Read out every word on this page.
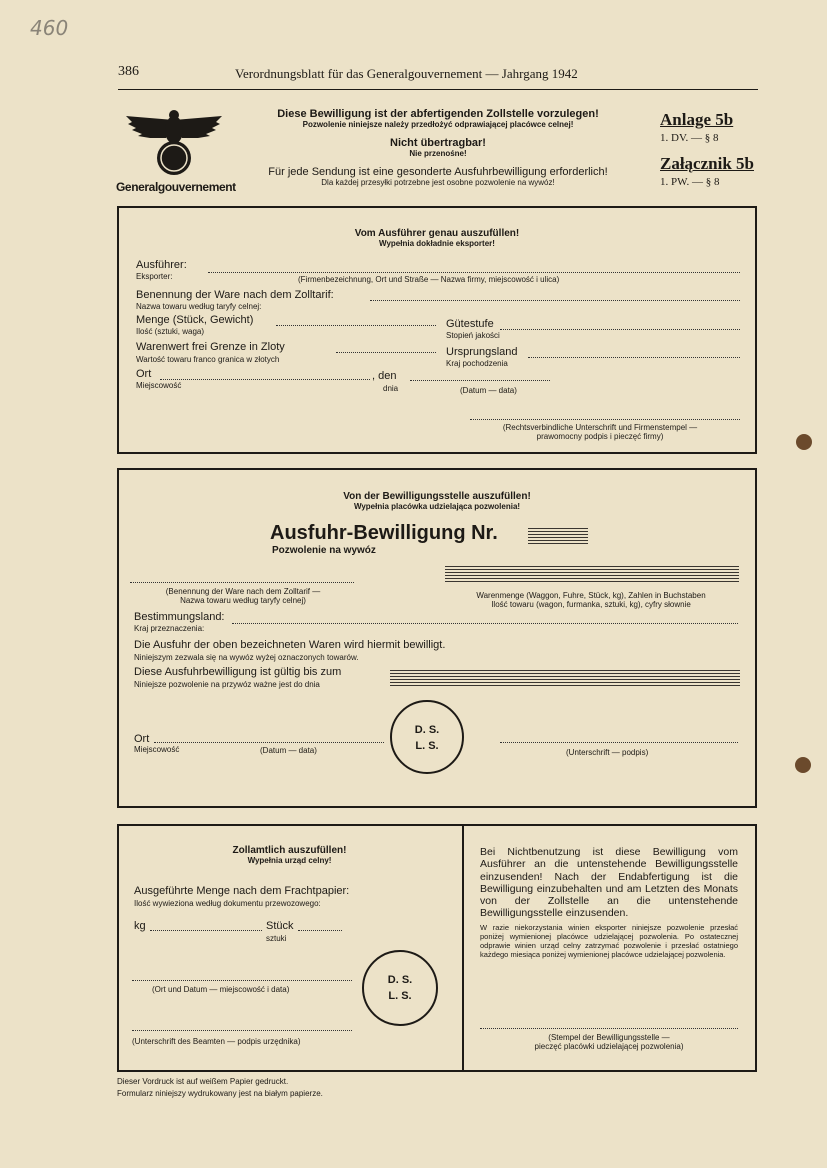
460
386	Verordnungsblatt für das Generalgouvernement — Jahrgang 1942
Generalgouvernement
Diese Bewilligung ist der abfertigenden Zollstelle vorzulegen!
Pozwolenie niniejsze należy przedłożyć odprawiającej placówce celnej!
Nicht übertragbar!
Nie przenośne!
Für jede Sendung ist eine gesonderte Ausfuhrbewilligung erforderlich!
Dla każdej przesyłki potrzebne jest osobne pozwolenie na wywóz!
Anlage 5b
1. DV. — § 8
Załącznik 5b
1. PW. — § 8
Vom Ausführer genau auszufüllen!
Wypełnia dokładnie eksporter!
Ausführer:
Eksporter:	(Firmenbezeichnung, Ort und Straße — Nazwa firmy, miejscowość i ulica)
Benennung der Ware nach dem Zolltarif:
Nazwa towaru według taryfy celnej:
Menge (Stück, Gewicht)
Ilość (sztuki, waga)
Gütestufe
Stopień jakości
Warenwert frei Grenze in Zloty
Wartość towaru franco granica w złotych
Ursprungsland
Kraj pochodzenia
Ort
Miejscowość
, den
dnia	(Datum — data)
(Rechtsverbindliche Unterschrift und Firmenstempel —
prawomocny podpis i pieczęć firmy)
Von der Bewilligungsstelle auszufüllen!
Wypełnia placówka udzielająca pozwolenia!
Ausfuhr-Bewilligung Nr.
Pozwolenie na wywóz
(Benennung der Ware nach dem Zolltarif —
Nazwa towaru według taryfy celnej)
Warenmenge (Waggon, Fuhre, Stück, kg), Zahlen in Buchstaben
Ilość towaru (wagon, furmanka, sztuki, kg), cyfry słownie
Bestimmungsland:
Kraj przeznaczenia:
Die Ausfuhr der oben bezeichneten Waren wird hiermit bewilligt.
Niniejszym zezwala się na wywóz wyżej oznaczonych towarów.
Diese Ausfuhrbewilligung ist gültig bis zum
Niniejsze pozwolenie na przywóz ważne jest do dnia
Ort
Miejscowość	(Datum — data)
D. S.
L. S.
(Unterschrift — podpis)
Zollamtlich auszufüllen!
Wypełnia urząd celny!
Ausgeführte Menge nach dem Frachtpapier:
Ilość wywieziona według dokumentu przewozowego:
kg	Stück
sztuki
(Ort und Datum — miejscowość i data)
(Unterschrift des Beamten — podpis urzędnika)
D. S.
L. S.
Bei Nichtbenutzung ist diese Bewilligung vom Ausführer an die untenstehende Bewilligungsstelle einzusenden! Nach der Endabfertigung ist die Bewilligung einzubehalten und am Letzten des Monats von der Zollstelle an die untenstehende Bewilligungsstelle einzusenden.
W razie niekorzystania winien eksporter niniejsze pozwolenie przesłać poniżej wymienionej placówce udzielającej pozwolenia. Po ostatecznej odprawie winien urząd celny zatrzymać pozwolenie i przesłać ostatniego każdego miesiąca poniżej wymienionej placówce udzielającej pozwolenia.
(Stempel der Bewilligungsstelle —
pieczęć placówki udzielającej pozwolenia)
Dieser Vordruck ist auf weißem Papier gedruckt.
Formularz niniejszy wydrukowany jest na białym papierze.
